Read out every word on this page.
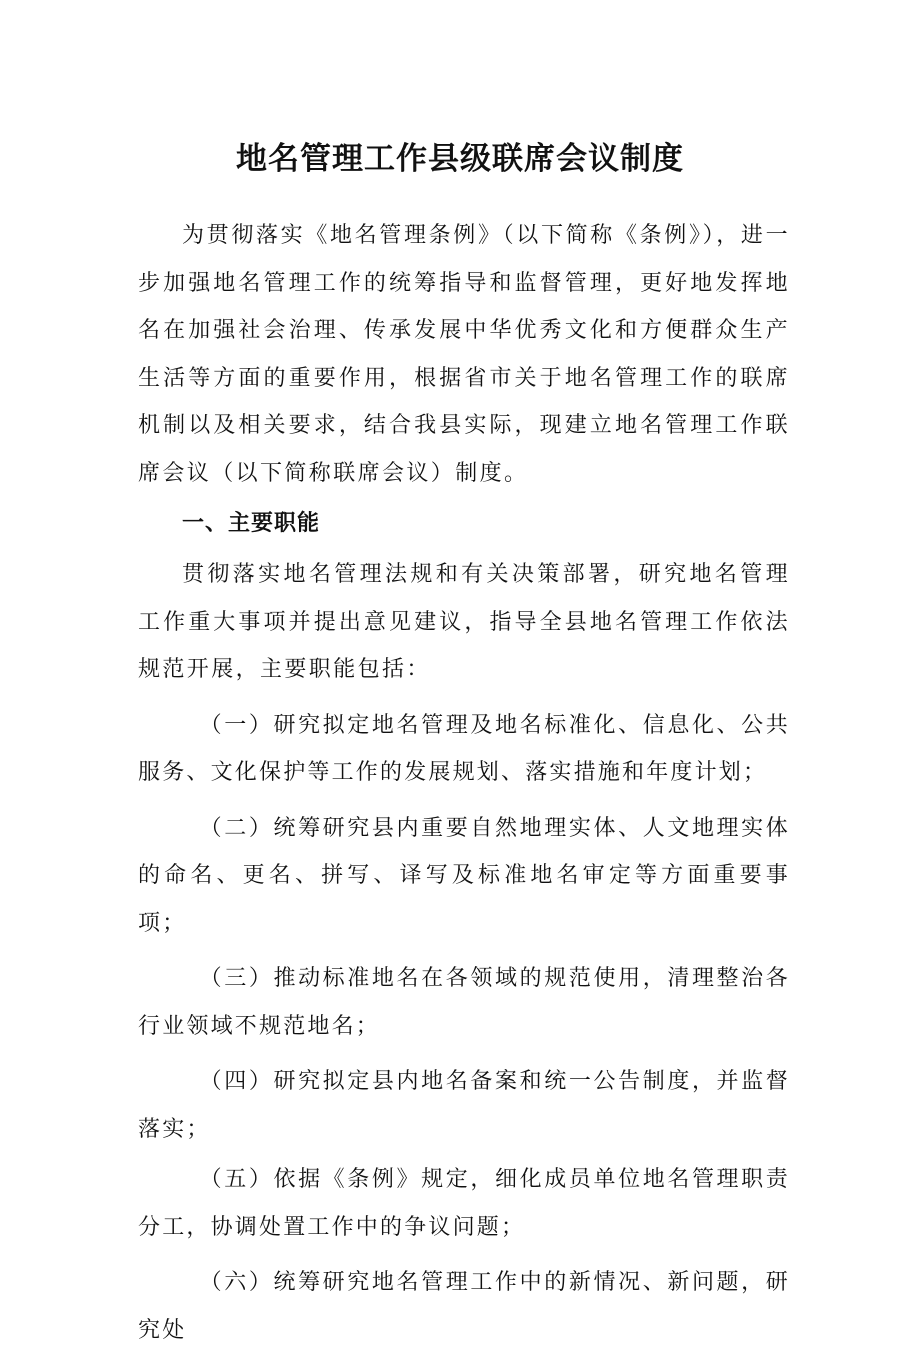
地名管理工作县级联席会议制度

为贯彻落实《地名管理条例》（以下简称《条例》），进一步加强地名管理工作的统筹指导和监督管理，更好地发挥地名在加强社会治理、传承发展中华优秀文化和方便群众生产生活等方面的重要作用，根据省市关于地名管理工作的联席机制以及相关要求，结合我县实际，现建立地名管理工作联席会议（以下简称联席会议）制度。

一、主要职能

贯彻落实地名管理法规和有关决策部署，研究地名管理工作重大事项并提出意见建议，指导全县地名管理工作依法规范开展，主要职能包括：

（一）研究拟定地名管理及地名标准化、信息化、公共服务、文化保护等工作的发展规划、落实措施和年度计划；

（二）统筹研究县内重要自然地理实体、人文地理实体的命名、更名、拼写、译写及标准地名审定等方面重要事项；

（三）推动标准地名在各领域的规范使用，清理整治各行业领域不规范地名；

（四）研究拟定县内地名备案和统一公告制度，并监督落实；

（五）依据《条例》规定，细化成员单位地名管理职责分工，协调处置工作中的争议问题；

（六）统筹研究地名管理工作中的新情况、新问题，研究处
